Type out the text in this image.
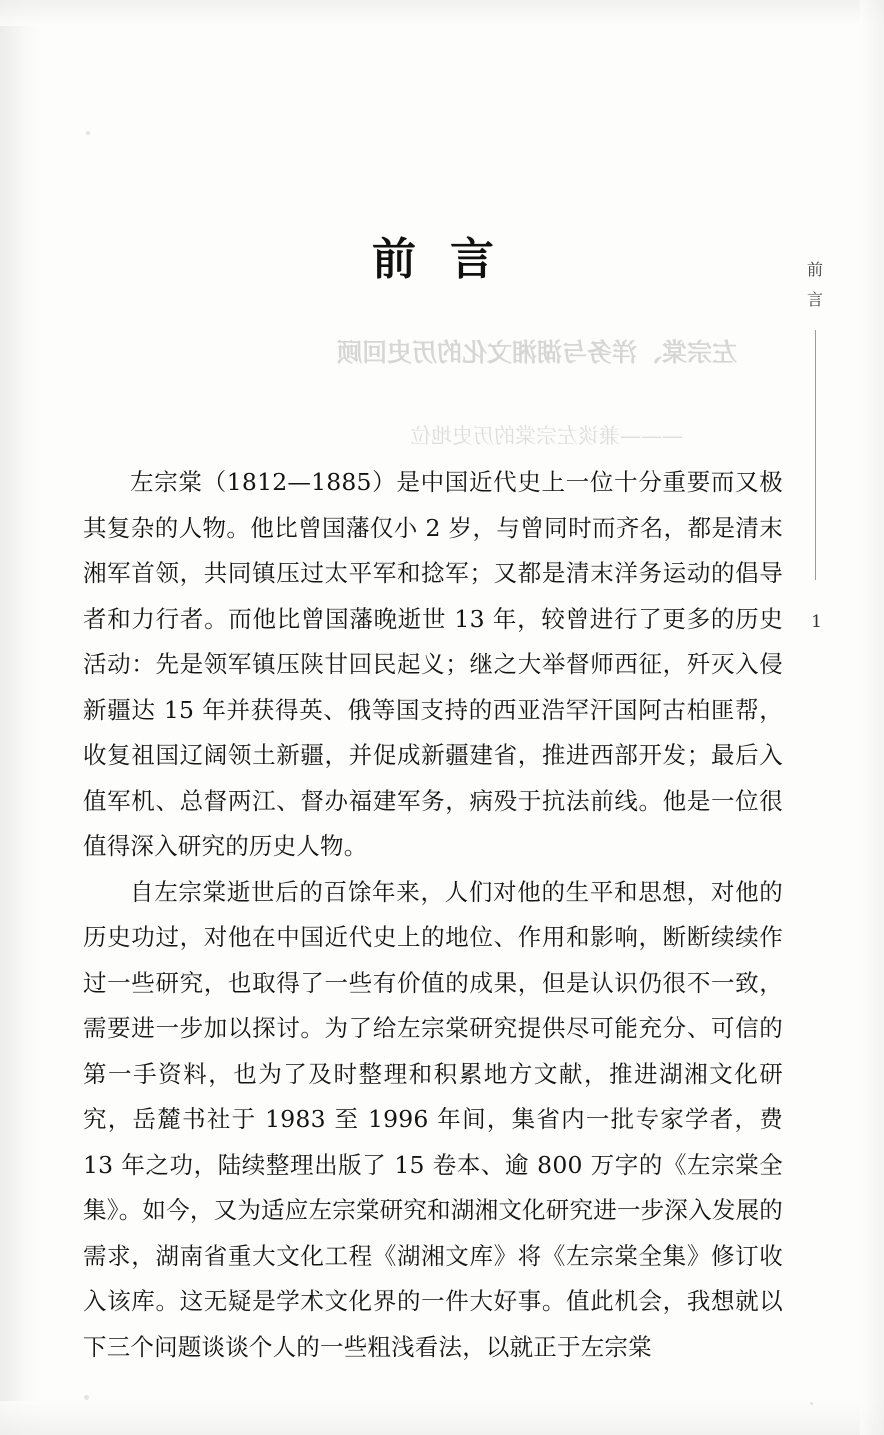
前
言
1
前言
左宗棠、洋务与湖湘文化的历史回顾
———兼谈左宗棠的历史地位

左宗棠（1812—1885）是中国近代史上一位十分重要而又极其复杂的人物。他比曾国藩仅小 2 岁，与曾同时而齐名，都是清末湘军首领，共同镇压过太平军和捻军；又都是清末洋务运动的倡导者和力行者。而他比曾国藩晚逝世 13 年，较曾进行了更多的历史活动：先是领军镇压陕甘回民起义；继之大举督师西征，歼灭入侵新疆达 15 年并获得英、俄等国支持的西亚浩罕汗国阿古柏匪帮，收复祖国辽阔领土新疆，并促成新疆建省，推进西部开发；最后入值军机、总督两江、督办福建军务，病殁于抗法前线。他是一位很值得深入研究的历史人物。

自左宗棠逝世后的百馀年来，人们对他的生平和思想，对他的历史功过，对他在中国近代史上的地位、作用和影响，断断续续作过一些研究，也取得了一些有价值的成果，但是认识仍很不一致，需要进一步加以探讨。为了给左宗棠研究提供尽可能充分、可信的第一手资料，也为了及时整理和积累地方文献，推进湖湘文化研究，岳麓书社于 1983 至 1996 年间，集省内一批专家学者，费 13 年之功，陆续整理出版了 15 卷本、逾 800 万字的《左宗棠全集》。如今，又为适应左宗棠研究和湖湘文化研究进一步深入发展的需求，湖南省重大文化工程《湖湘文库》将《左宗棠全集》修订收入该库。这无疑是学术文化界的一件大好事。值此机会，我想就以下三个问题谈谈个人的一些粗浅看法，以就正于左宗棠
